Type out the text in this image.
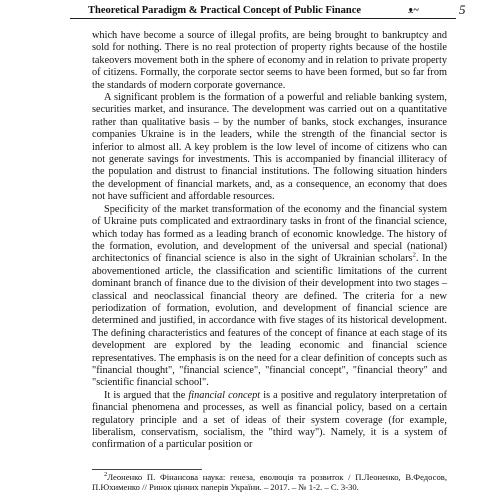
Theoretical Paradigm & Practical Concept of Public Finance	ᴥ~	5

which have become a source of illegal profits, are being brought to bankruptcy and sold for nothing. There is no real protection of property rights because of the hostile takeovers movement both in the sphere of economy and in relation to private property of citizens. Formally, the corporate sector seems to have been formed, but so far from the standards of modern corporate governance.

A significant problem is the formation of a powerful and reliable banking system, securities market, and insurance. The development was carried out on a quantitative rather than qualitative basis – by the number of banks, stock exchanges, insurance companies Ukraine is in the leaders, while the strength of the financial sector is inferior to almost all. A key problem is the low level of income of citizens who can not generate savings for investments. This is accompanied by financial illiteracy of the population and distrust to financial institutions. The following situation hinders the development of financial markets, and, as a consequence, an economy that does not have sufficient and affordable resources.

Specificity of the market transformation of the economy and the financial system of Ukraine puts complicated and extraordinary tasks in front of the financial science, which today has formed as a leading branch of economic knowledge. The history of the formation, evolution, and development of the universal and special (national) architectonics of financial science is also in the sight of Ukrainian scholars$^2$. In the abovementioned article, the classification and scientific limitations of the current dominant branch of finance due to the division of their development into two stages – classical and neoclassical financial theory are defined. The criteria for a new periodization of formation, evolution, and development of financial science are determined and justified, in accordance with five stages of its historical development. The defining characteristics and features of the concept of finance at each stage of its development are explored by the leading economic and financial science representatives. The emphasis is on the need for a clear definition of concepts such as "financial thought", "financial science", "financial concept", "financial theory" and "scientific financial school".

It is argued that the financial concept is a positive and regulatory interpretation of financial phenomena and processes, as well as financial policy, based on a certain regulatory principle and a set of ideas of their system coverage (for example, liberalism, conservatism, socialism, the "third way"). Namely, it is a system of confirmation of a particular position or

$^2$Леоненко П. Фінансова наука: генеза, еволюція та розвиток / П.Леоненко, В.Федосов, П.Юхименко // Ринок цінних паперів України. – 2017. – № 1-2. – С. 3-30.
